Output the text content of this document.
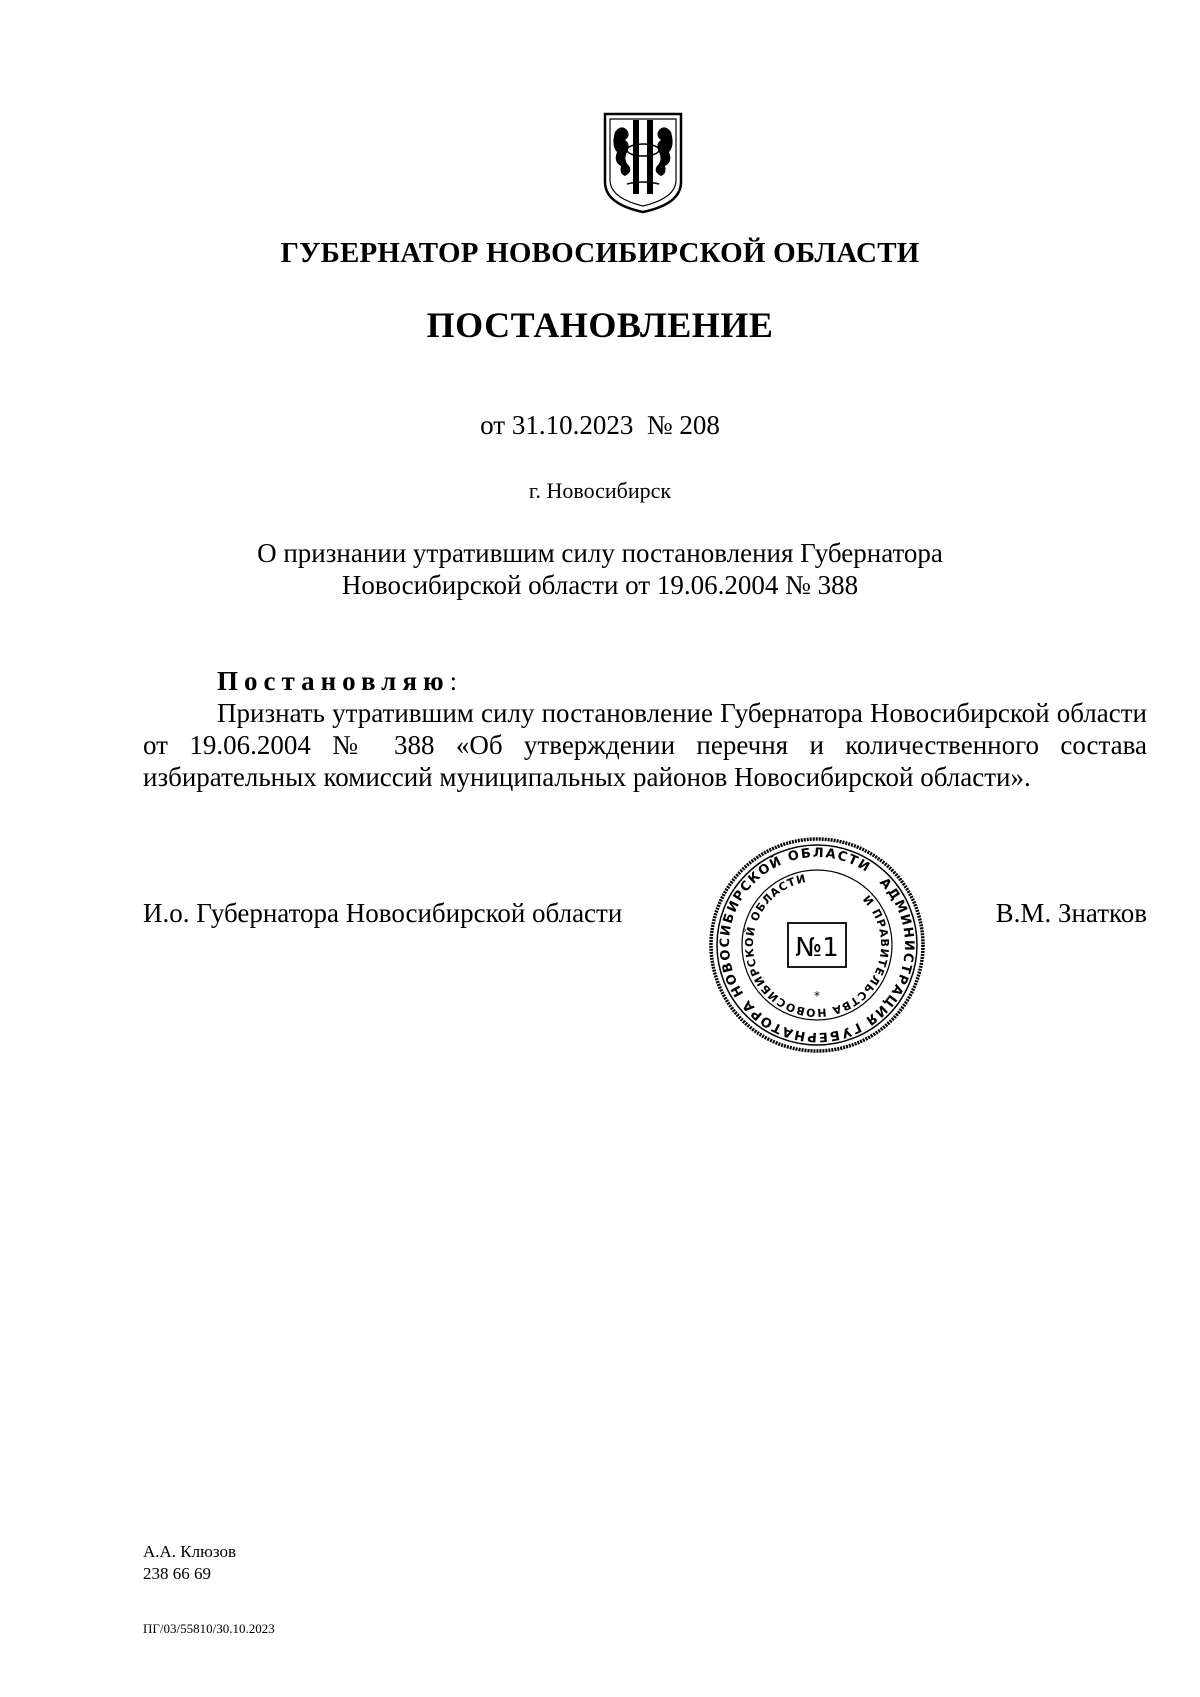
ГУБЕРНАТОР НОВОСИБИРСКОЙ ОБЛАСТИ
ПОСТАНОВЛЕНИЕ
от 31.10.2023 № 208
г. Новосибирск
О признании утратившим силу постановления Губернатора
Новосибирской области от 19.06.2004 № 388
Постановляю:
Признать утратившим силу постановление Губернатора Новосибирской области от 19.06.2004 № 388 «Об утверждении перечня и количественного состава избирательных комиссий муниципальных районов Новосибирской области».
И.о. Губернатора Новосибирской области	В.М. Знатков
АДМИНИСТРАЦИЯ ГУБЕРНАТОРА НОВОСИБИРСКОЙ ОБЛАСТИ
И ПРАВИТЕЛЬСТВА НОВОСИБИРСКОЙ ОБЛАСТИ
№1
*
А.А. Клюзов
238 66 69
ПГ/03/55810/30.10.2023
